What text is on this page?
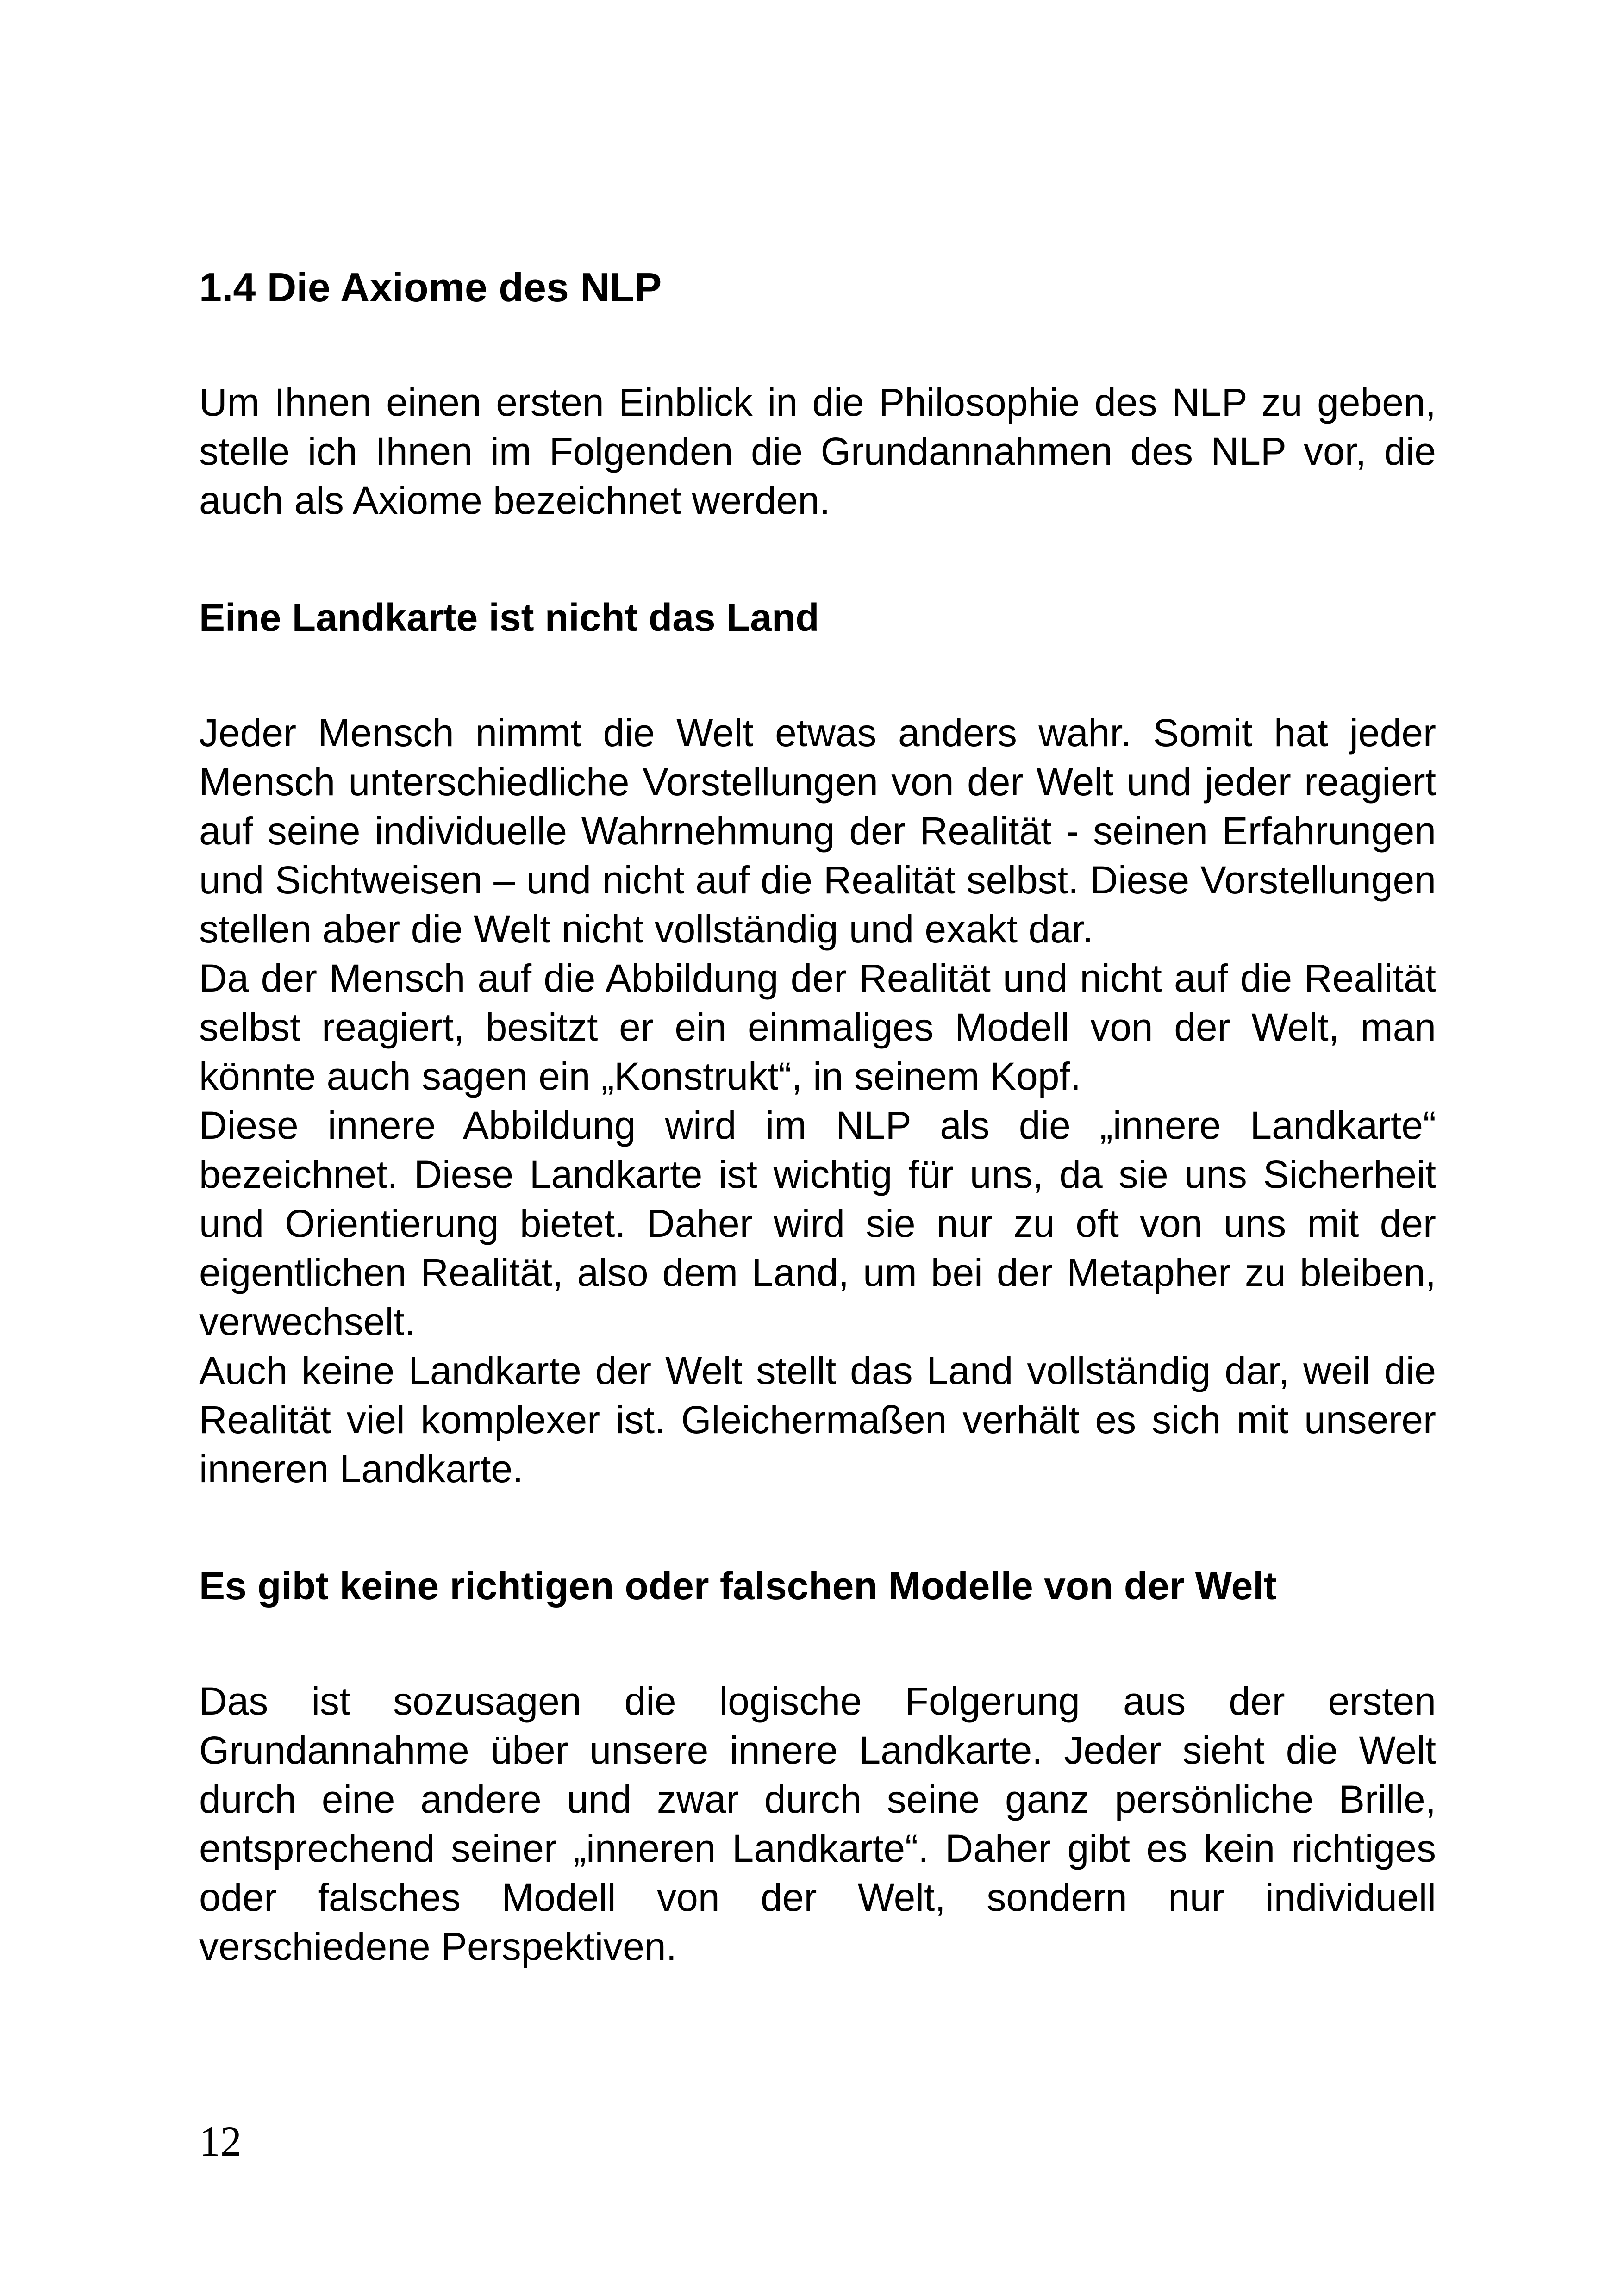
1.4 Die Axiome des NLP

Um Ihnen einen ersten Einblick in die Philosophie des NLP zu geben, stelle ich Ihnen im Folgenden die Grundannahmen des NLP vor, die auch als Axiome bezeichnet werden.

Eine Landkarte ist nicht das Land

Jeder Mensch nimmt die Welt etwas anders wahr. Somit hat jeder Mensch unterschiedliche Vorstellungen von der Welt und jeder reagiert auf seine individuelle Wahrnehmung der Realität - seinen Erfahrungen und Sichtweisen – und nicht auf die Realität selbst. Diese Vorstellungen stellen aber die Welt nicht vollständig und exakt dar.

Da der Mensch auf die Abbildung der Realität und nicht auf die Realität selbst reagiert, besitzt er ein einmaliges Modell von der Welt, man könnte auch sagen ein „Konstrukt“, in seinem Kopf.

Diese innere Abbildung wird im NLP als die „innere Landkarte“ bezeichnet. Diese Landkarte ist wichtig für uns, da sie uns Sicherheit und Orientierung bietet. Daher wird sie nur zu oft von uns mit der eigentlichen Realität, also dem Land, um bei der Metapher zu bleiben, verwechselt.

Auch keine Landkarte der Welt stellt das Land vollständig dar, weil die Realität viel komplexer ist. Gleichermaßen verhält es sich mit unserer inneren Landkarte.

Es gibt keine richtigen oder falschen Modelle von der Welt

Das ist sozusagen die logische Folgerung aus der ersten Grundannahme über unsere innere Landkarte. Jeder sieht die Welt durch eine andere und zwar durch seine ganz persönliche Brille, entsprechend seiner „inneren Landkarte“. Daher gibt es kein richtiges oder falsches Modell von der Welt, sondern nur individuell verschiedene Perspektiven.

12
